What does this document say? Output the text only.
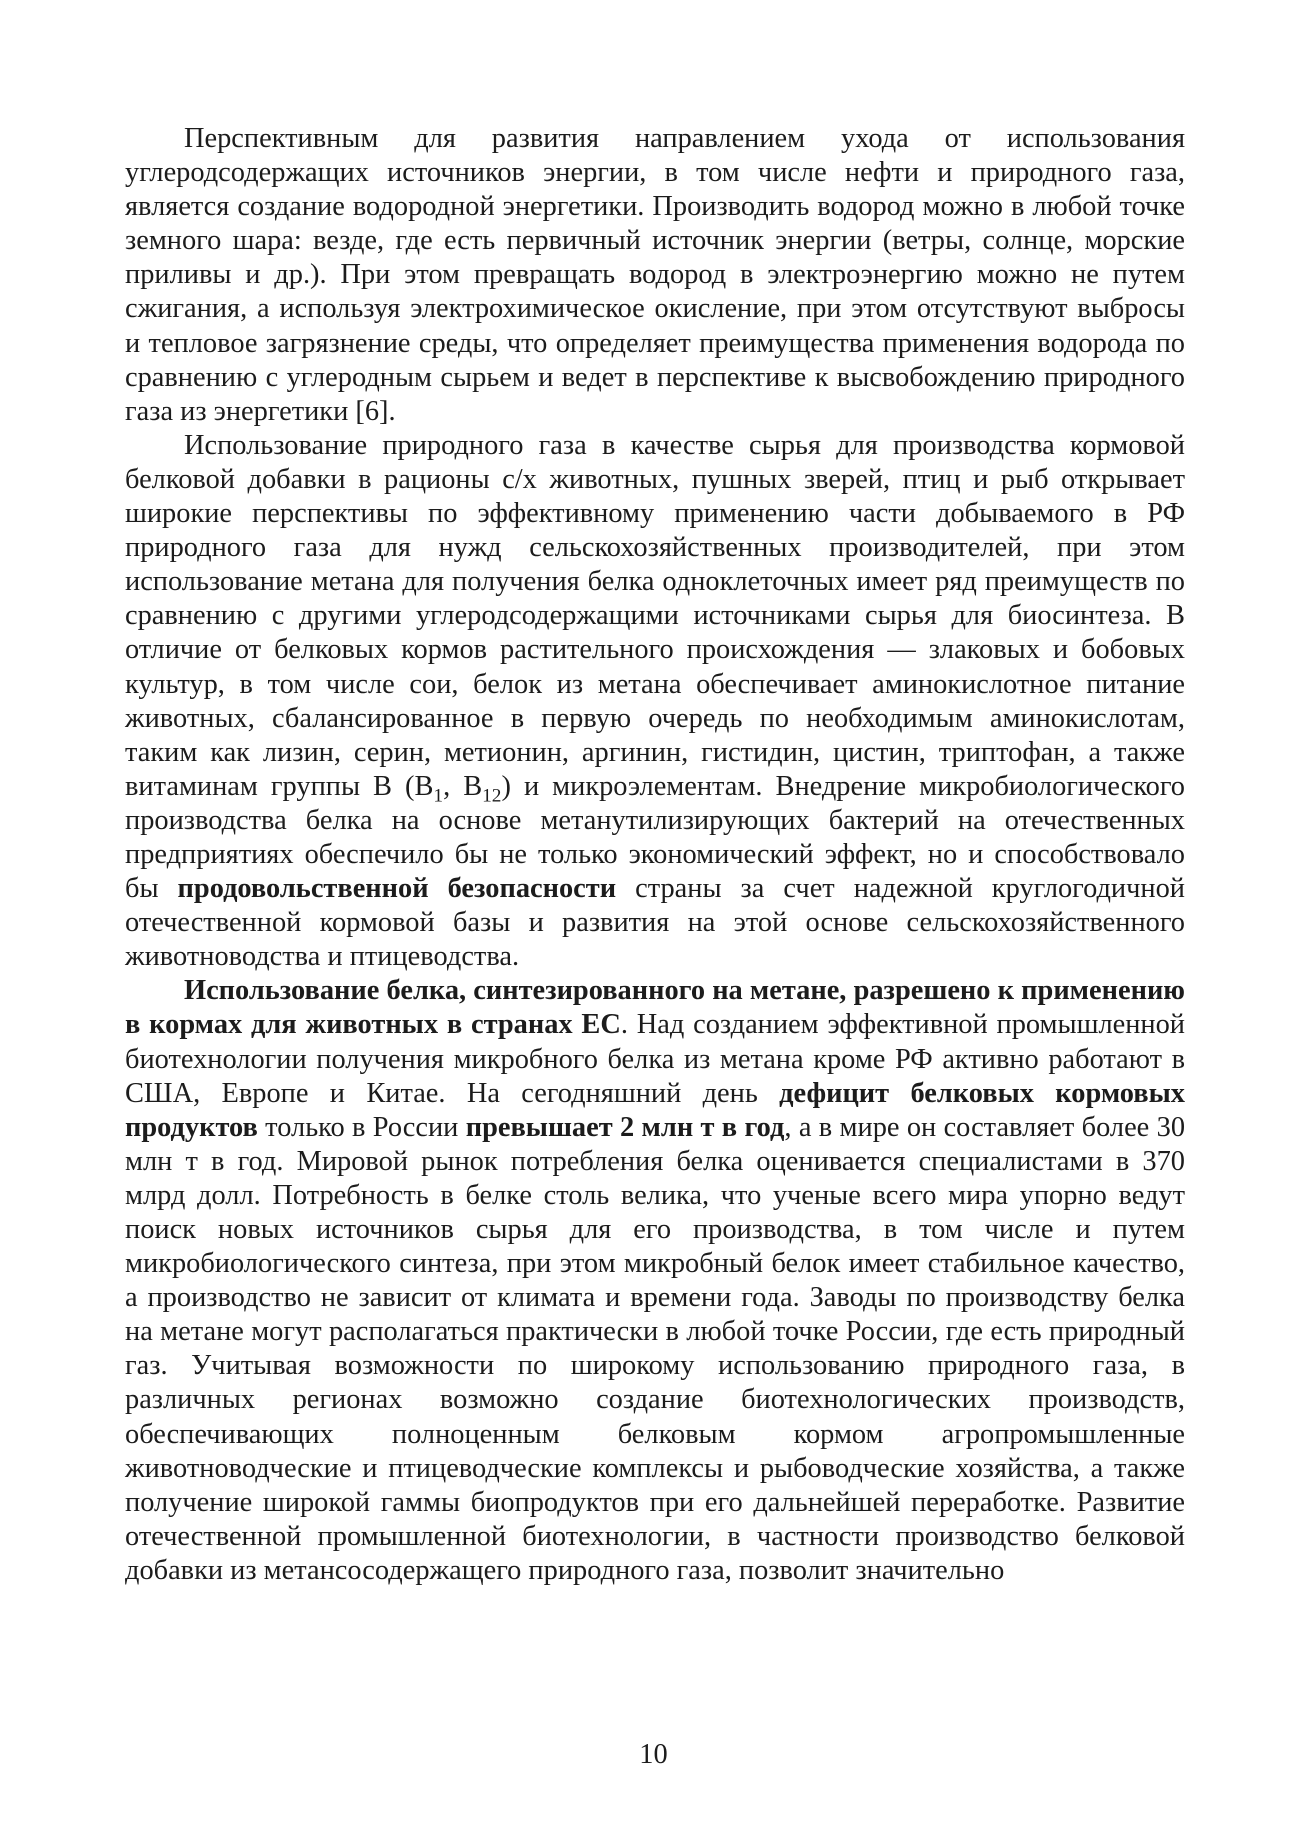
Перспективным для развития направлением ухода от использования углеродсодержащих источников энергии, в том числе нефти и природного газа, является создание водородной энергетики. Производить водород можно в любой точке земного шара: везде, где есть первичный источник энергии (ветры, солнце, морские приливы и др.). При этом превращать водород в электроэнергию можно не путем сжигания, а используя электрохимическое окисление, при этом отсутствуют выбросы и тепловое загрязнение среды, что определяет преимущества применения водорода по сравнению с углеродным сырьем и ведет в перспективе к высвобождению природного газа из энергетики [6].

Использование природного газа в качестве сырья для производства кормовой белковой добавки в рационы с/х животных, пушных зверей, птиц и рыб открывает широкие перспективы по эффективному применению части добываемого в РФ природного газа для нужд сельскохозяйственных производителей, при этом использование метана для получения белка одноклеточных имеет ряд преимуществ по сравнению с другими углеродсодержащими источниками сырья для биосинтеза. В отличие от белковых кормов растительного происхождения — злаковых и бобовых культур, в том числе сои, белок из метана обеспечивает аминокислотное питание животных, сбалансированное в первую очередь по необходимым аминокислотам, таким как лизин, серин, метионин, аргинин, гистидин, цистин, триптофан, а также витаминам группы В ($В_1$, $В_{12}$) и микроэлементам. Внедрение микробиологического производства белка на основе метанутилизирующих бактерий на отечественных предприятиях обеспечило бы не только экономический эффект, но и способствовало бы продовольственной безопасности страны за счет надежной круглогодичной отечественной кормовой базы и развития на этой основе сельскохозяйственного животноводства и птицеводства.

Использование белка, синтезированного на метане, разрешено к применению в кормах для животных в странах ЕС. Над созданием эффективной промышленной биотехнологии получения микробного белка из метана кроме РФ активно работают в США, Европе и Китае. На сегодняшний день дефицит белковых кормовых продуктов только в России превышает 2 млн т в год, а в мире он составляет более 30 млн т в год. Мировой рынок потребления белка оценивается специалистами в 370 млрд долл. Потребность в белке столь велика, что ученые всего мира упорно ведут поиск новых источников сырья для его производства, в том числе и путем микробиологического синтеза, при этом микробный белок имеет стабильное качество, а производство не зависит от климата и времени года. Заводы по производству белка на метане могут располагаться практически в любой точке России, где есть природный газ. Учитывая возможности по широкому использованию природного газа, в различных регионах возможно создание биотехнологических производств, обеспечивающих полноценным белковым кормом агропромышленные животноводческие и птицеводческие комплексы и рыбоводческие хозяйства, а также получение широкой гаммы биопродуктов при его дальнейшей переработке. Развитие отечественной промышленной биотехнологии, в частности производство белковой добавки из метансосодержащего природного газа, позволит значительно

10
